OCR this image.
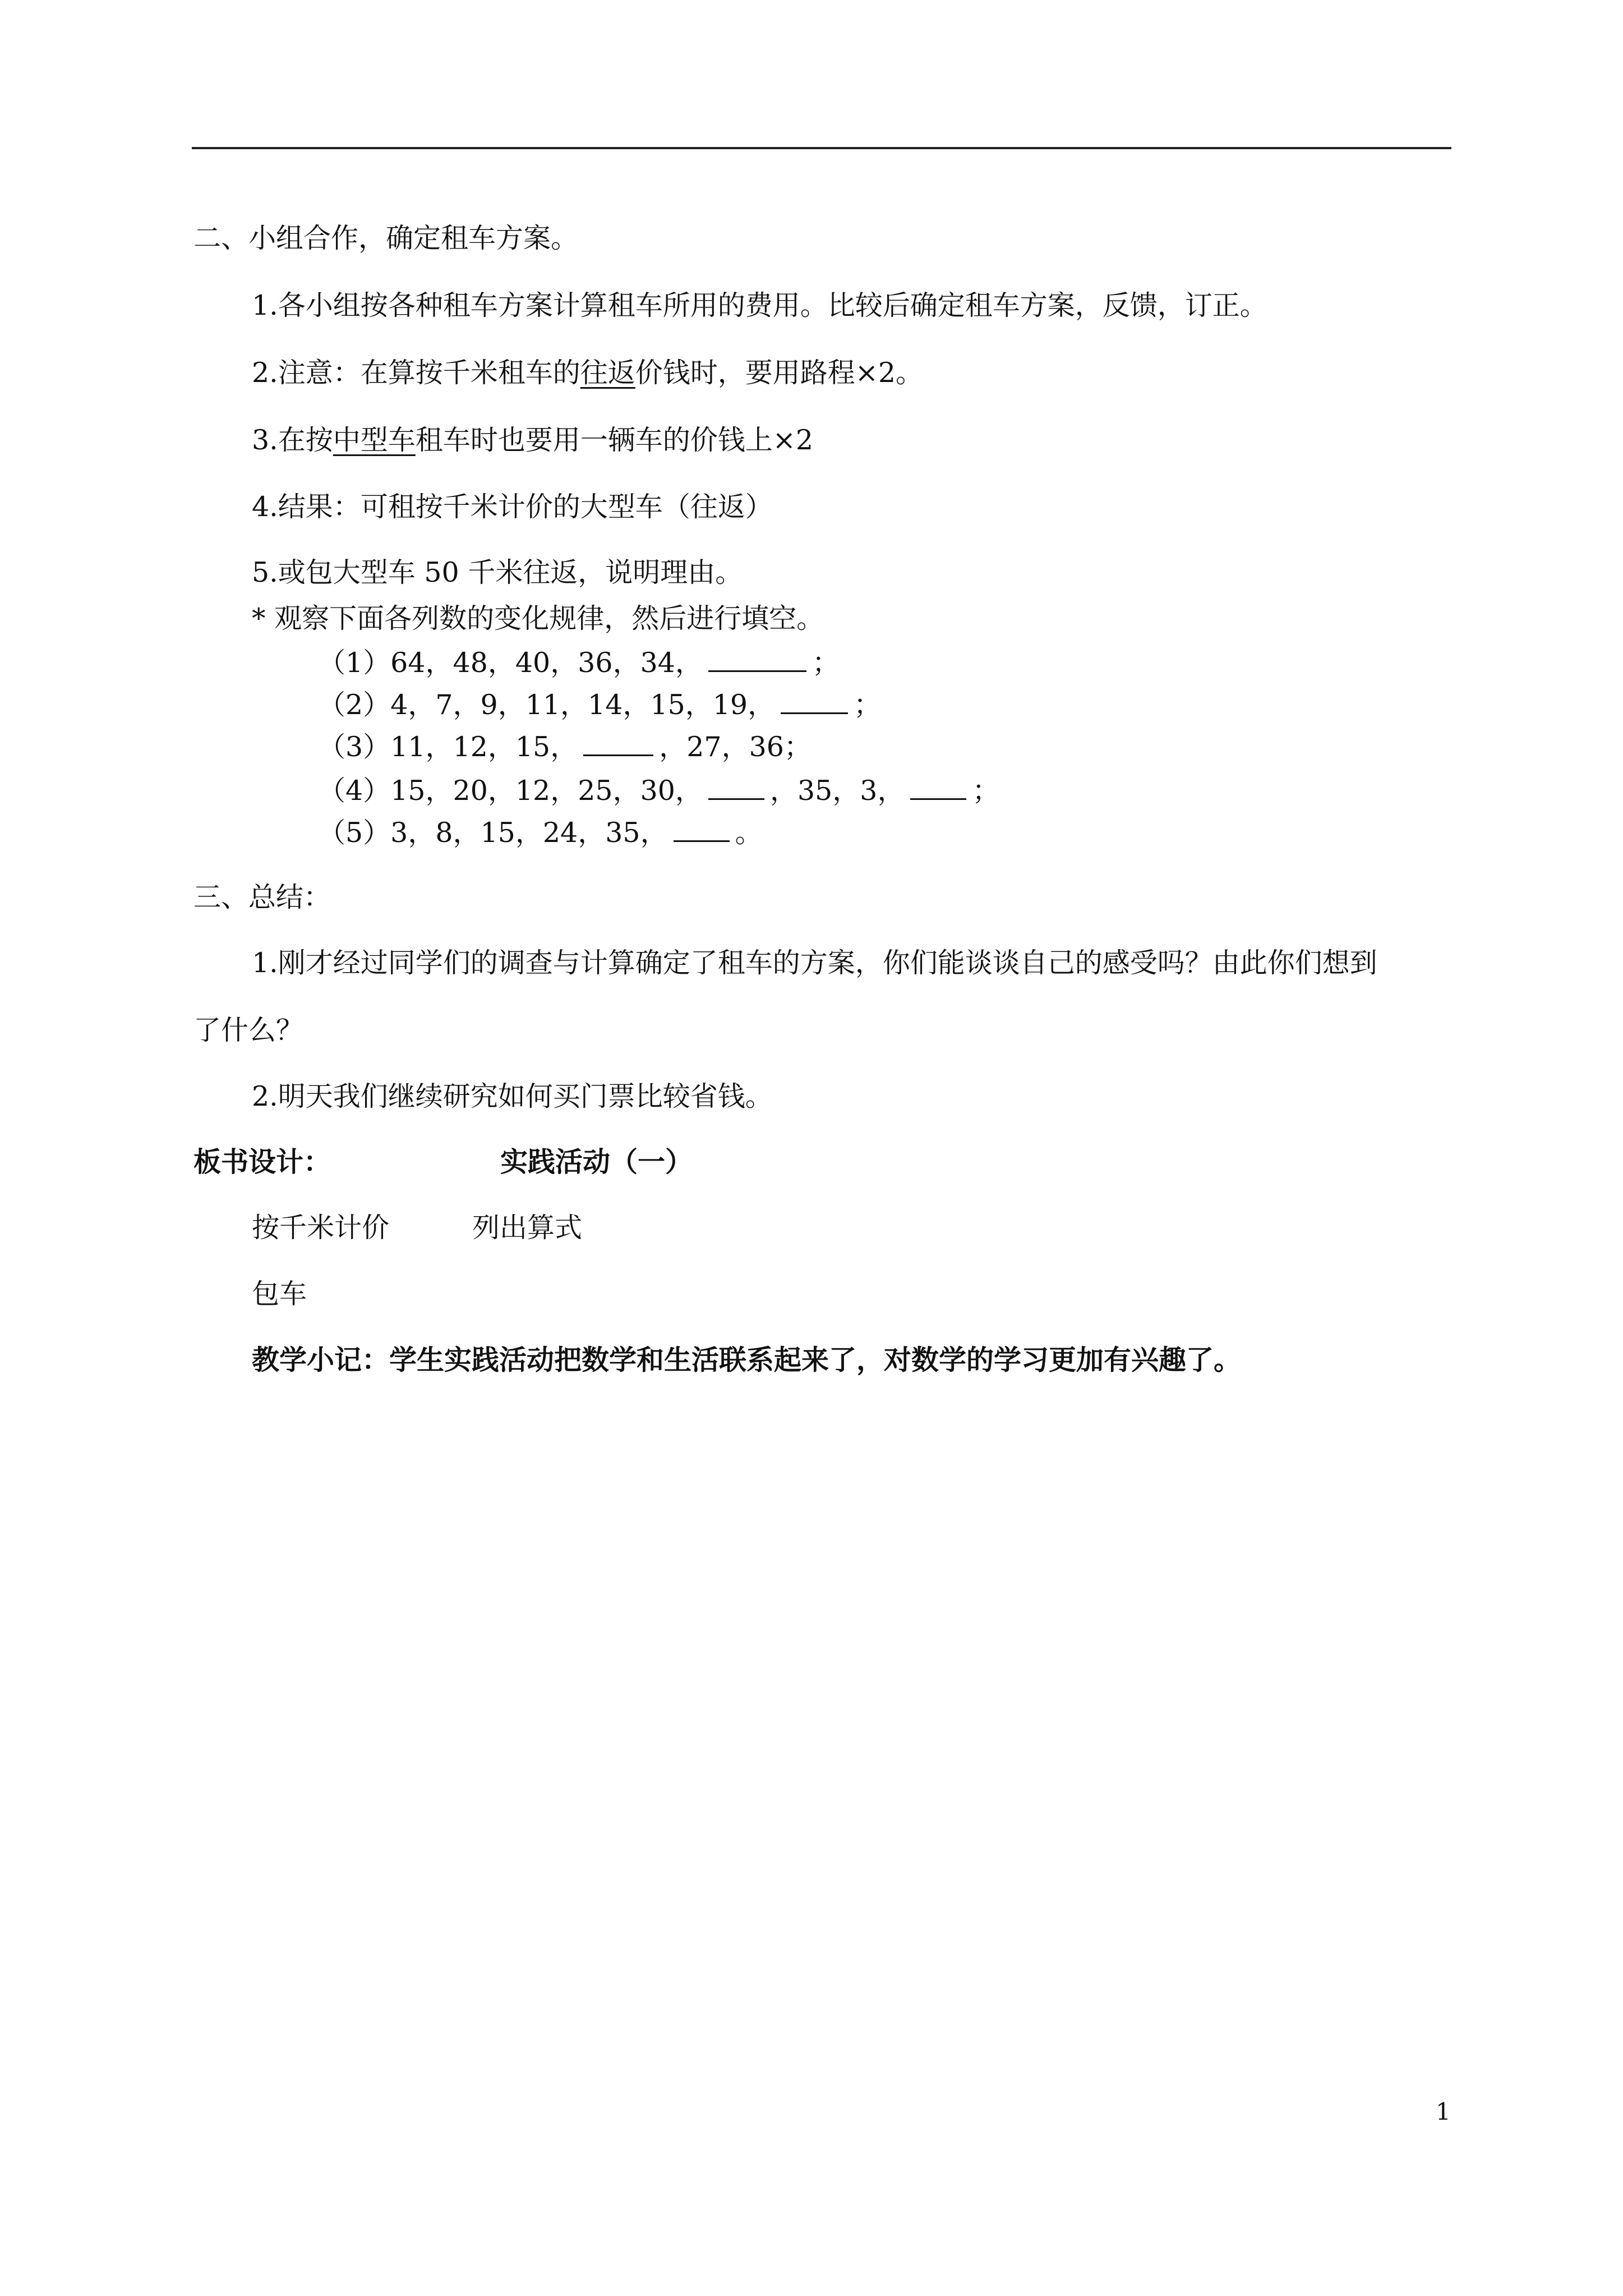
二、小组合作，确定租车方案。
1.各小组按各种租车方案计算租车所用的费用。比较后确定租车方案，反馈，订正。
2.注意：在算按千米租车的往返价钱时，要用路程×2。
3.在按中型车租车时也要用一辆车的价钱上×2
4.结果：可租按千米计价的大型车（往返）
5.或包大型车 50 千米往返，说明理由。
* 观察下面各列数的变化规律，然后进行填空。
（1）64，48，40，36，34，	；
（2）4，7，9，11，14，15，19，	；
（3）11，12，15，	，27，36；
（4）15，20，12，25，30， ，35，3， ；
（5）3，8，15，24，35， 。
三、总结：
1.刚才经过同学们的调查与计算确定了租车的方案，你们能谈谈自己的感受吗？由此你们想到
了什么？
2.明天我们继续研究如何买门票比较省钱。
板书设计：	实践活动（一）
按千米计价	列出算式
包车
教学小记：学生实践活动把数学和生活联系起来了，对数学的学习更加有兴趣了。
1
